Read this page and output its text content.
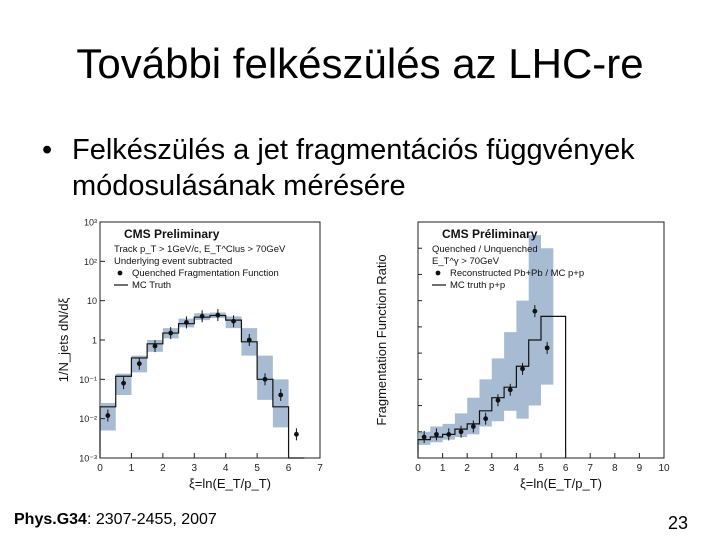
További felkészülés az LHC-re
• Felkészülés a jet fragmentációs függvények módosulásának mérésére
0	1	2	3	4	5	6	7
10⁻³
10⁻²
10⁻¹
1
10
10²
10³
ξ=ln(E_T/p_T)
1/N_jets dN/dξ
CMS Preliminary
Track p_T > 1GeV/c, E_T^Clus > 70GeV
Underlying event subtracted
Quenched Fragmentation Function
MC Truth
0 1 2 3 4 5 6 7 8 9 10
ξ=ln(E_T/p_T)
Fragmentation Function Ratio
CMS Préliminary
Quenched / Unquenched
E_T^γ > 70GeV
Reconstructed Pb+Pb / MC p+p
MC truth p+p
Phys.G34: 2307-2455, 2007	23
